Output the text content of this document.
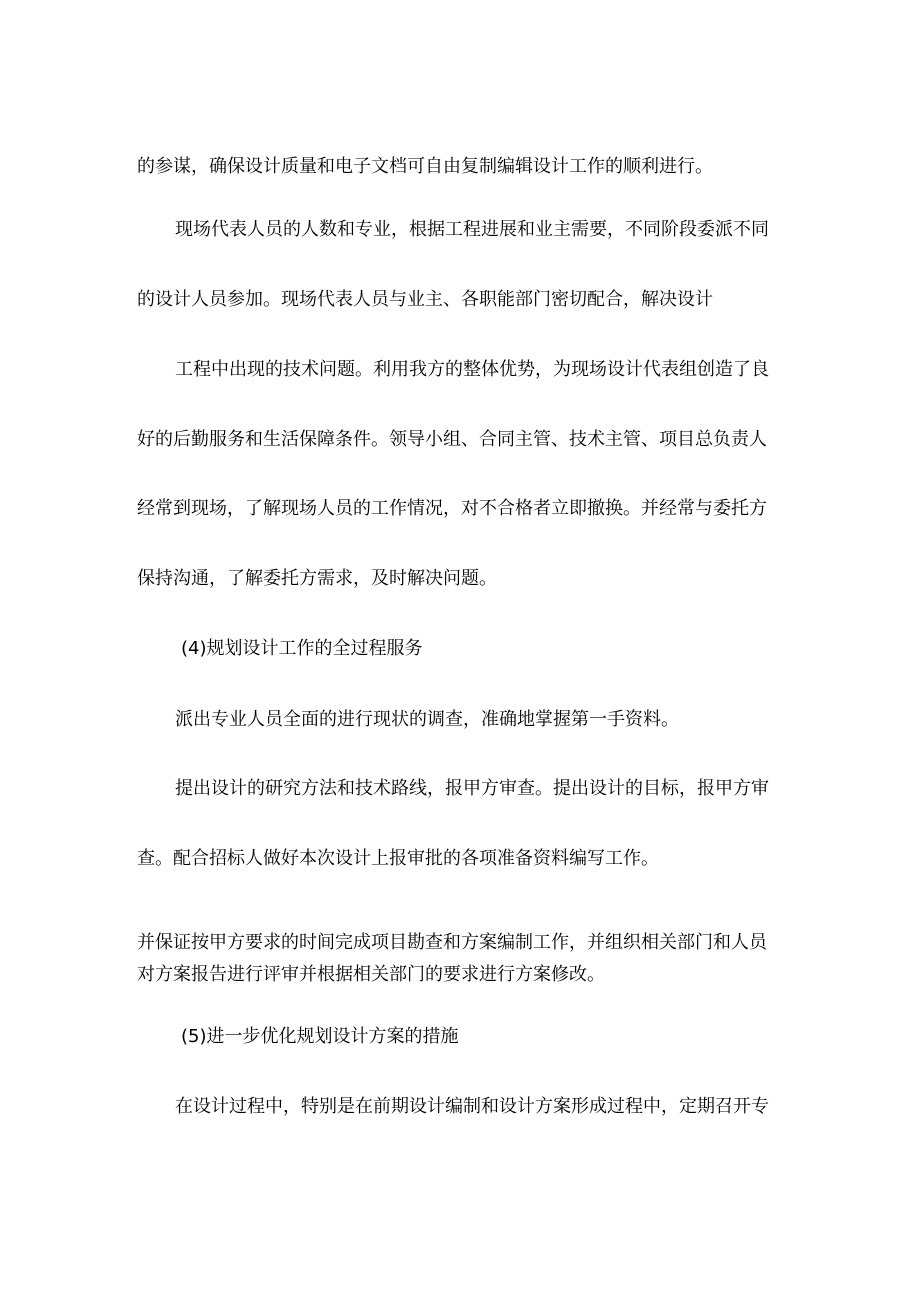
的参谋，确保设计质量和电子文档可自由复制编辑设计工作的顺利进行。
现场代表人员的人数和专业，根据工程进展和业主需要，不同阶段委派不同
的设计人员参加。现场代表人员与业主、各职能部门密切配合，解决设计
工程中出现的技术问题。利用我方的整体优势，为现场设计代表组创造了良
好的后勤服务和生活保障条件。领导小组、合同主管、技术主管、项目总负责人
经常到现场，了解现场人员的工作情况，对不合格者立即撤换。并经常与委托方
保持沟通，了解委托方需求，及时解决问题。
(4)规划设计工作的全过程服务
派出专业人员全面的进行现状的调查，准确地掌握第一手资料。
提出设计的研究方法和技术路线，报甲方审查。提出设计的目标，报甲方审
查。配合招标人做好本次设计上报审批的各项准备资料编写工作。
并保证按甲方要求的时间完成项目勘查和方案编制工作，并组织相关部门和人员
对方案报告进行评审并根据相关部门的要求进行方案修改。
(5)进一步优化规划设计方案的措施
在设计过程中，特别是在前期设计编制和设计方案形成过程中，定期召开专
